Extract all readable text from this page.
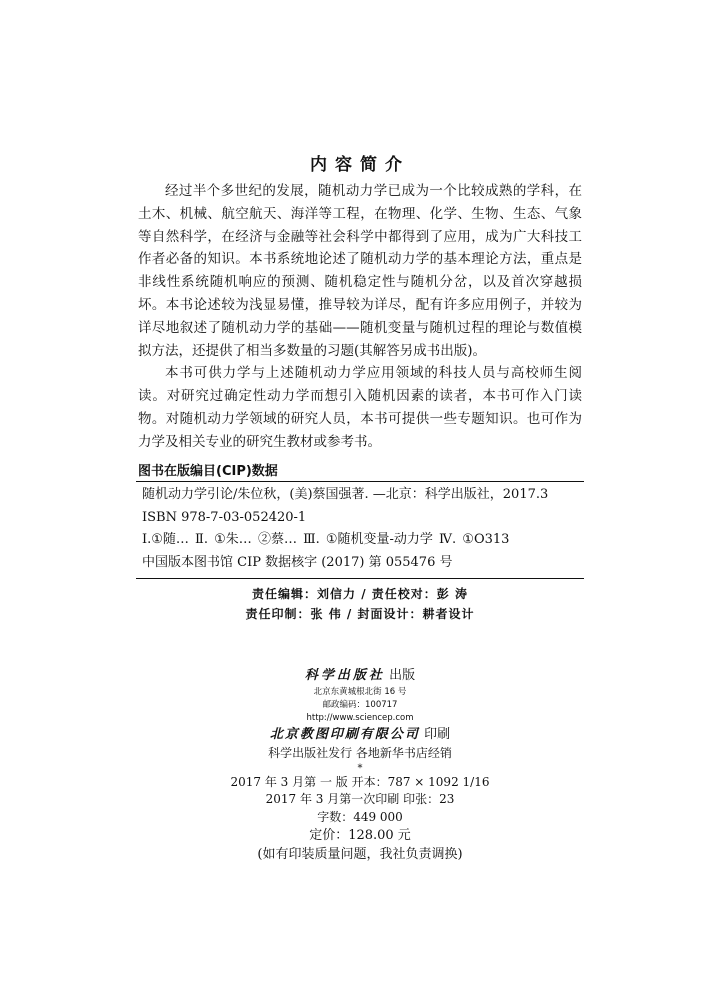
内容简介

经过半个多世纪的发展，随机动力学已成为一个比较成熟的学科，在土木、机械、航空航天、海洋等工程，在物理、化学、生物、生态、气象等自然科学，在经济与金融等社会科学中都得到了应用，成为广大科技工作者必备的知识。本书系统地论述了随机动力学的基本理论方法，重点是非线性系统随机响应的预测、随机稳定性与随机分岔，以及首次穿越损坏。本书论述较为浅显易懂，推导较为详尽，配有许多应用例子，并较为详尽地叙述了随机动力学的基础——随机变量与随机过程的理论与数值模拟方法，还提供了相当多数量的习题(其解答另成书出版)。

本书可供力学与上述随机动力学应用领域的科技人员与高校师生阅读。对研究过确定性动力学而想引入随机因素的读者，本书可作入门读物。对随机动力学领域的研究人员，本书可提供一些专题知识。也可作为力学及相关专业的研究生教材或参考书。

图书在版编目(CIP)数据
随机动力学引论/朱位秋，(美)蔡国强著. —北京：科学出版社，2017.3
ISBN 978-7-03-052420-1
Ⅰ.①随… Ⅱ. ①朱… ②蔡… Ⅲ. ①随机变量-动力学 Ⅳ. ①O313
中国版本图书馆 CIP 数据核字 (2017) 第 055476 号
责任编辑：刘信力 / 责任校对：彭 涛
责任印制：张 伟 / 封面设计：耕者设计
科学出版社 出版
北京东黄城根北街 16 号
邮政编码：100717
http://www.sciencep.com
北京教图印刷有限公司 印刷
科学出版社发行 各地新华书店经销
*
2017 年 3 月第 一 版 开本：787 × 1092 1/16
2017 年 3 月第一次印刷 印张：23
字数：449 000
定价：128.00 元
(如有印装质量问题，我社负责调换)
